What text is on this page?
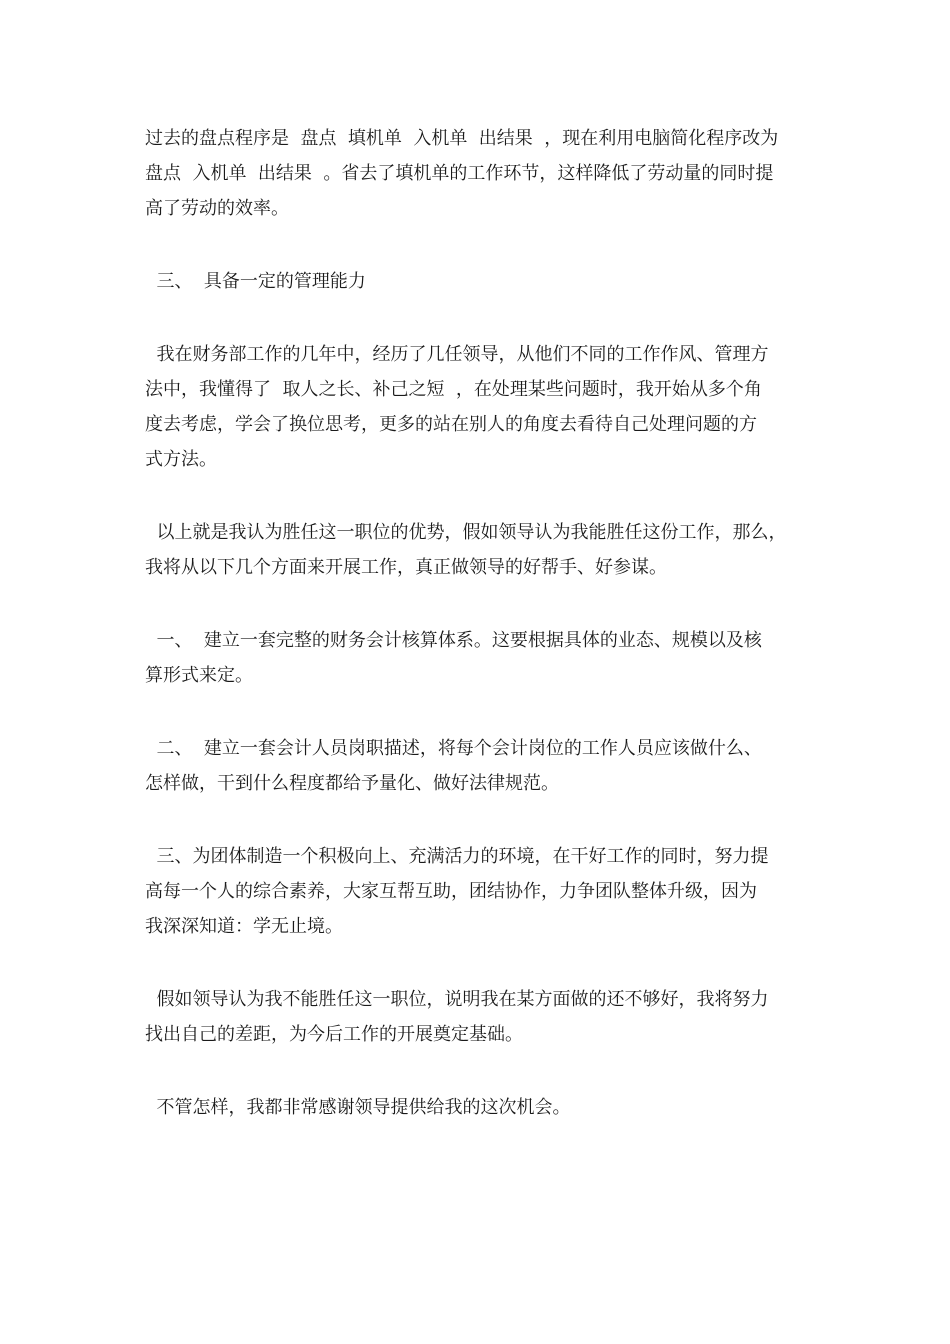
过去的盘点程序是  盘点  填机单  入机单  出结果  ，现在利用电脑简化程序改为
盘点  入机单  出结果  。省去了填机单的工作环节，这样降低了劳动量的同时提
高了劳动的效率。

三、  具备一定的管理能力

我在财务部工作的几年中，经历了几任领导，从他们不同的工作作风、管理方
法中，我懂得了  取人之长、补己之短  ，在处理某些问题时，我开始从多个角
度去考虑，学会了换位思考，更多的站在别人的角度去看待自己处理问题的方
式方法。

以上就是我认为胜任这一职位的优势，假如领导认为我能胜任这份工作，那么，
我将从以下几个方面来开展工作，真正做领导的好帮手、好参谋。

一、  建立一套完整的财务会计核算体系。这要根据具体的业态、规模以及核
算形式来定。

二、  建立一套会计人员岗职描述，将每个会计岗位的工作人员应该做什么、
怎样做，干到什么程度都给予量化、做好法律规范。

三、为团体制造一个积极向上、充满活力的环境，在干好工作的同时，努力提
高每一个人的综合素养，大家互帮互助，团结协作，力争团队整体升级，因为
我深深知道：学无止境。

假如领导认为我不能胜任这一职位，说明我在某方面做的还不够好，我将努力
找出自己的差距，为今后工作的开展奠定基础。

不管怎样，我都非常感谢领导提供给我的这次机会。
